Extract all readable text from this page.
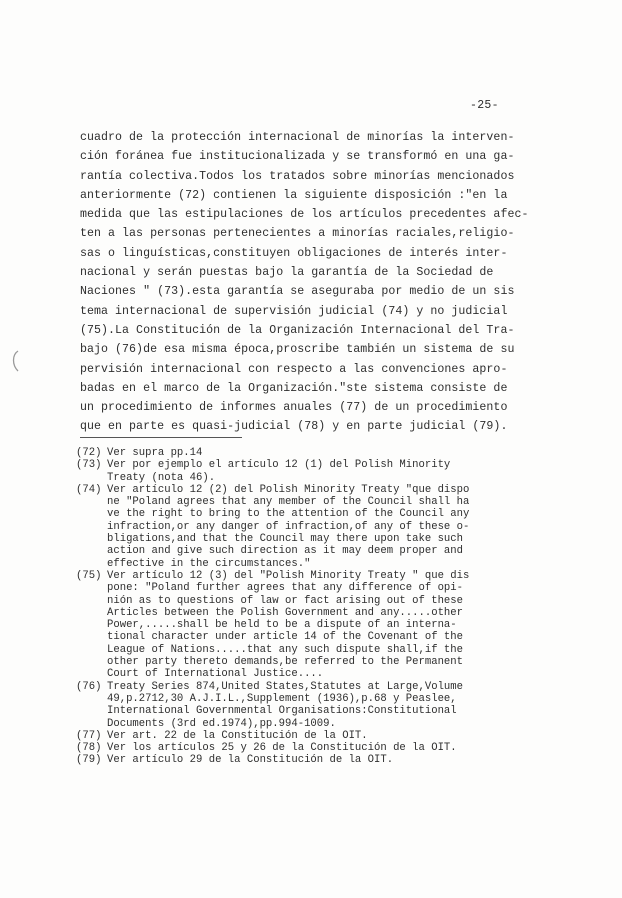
-25-
cuadro de la protección internacional de minorías la interven-
ción foránea fue institucionalizada y se transformó en una ga-
rantía colectiva.Todos los tratados sobre minorías mencionados
anteriormente (72) contienen la siguiente disposición :"en la
medida que las estipulaciones de los artículos precedentes afec-
ten a las personas pertenecientes a minorías raciales,religio-
sas o linguísticas,constituyen obligaciones de interés inter-
nacional y serán puestas bajo la garantía de la Sociedad de
Naciones " (73).esta garantía se aseguraba por medio de un sis
tema internacional de supervisión judicial (74) y no judicial
(75).La Constitución de la Organización Internacional del Tra-
bajo (76)de esa misma época,proscribe también un sistema de su
pervisión internacional con respecto a las convenciones apro-
badas en el marco de la Organización."ste sistema consiste de
un procedimiento de informes anuales (77) de un procedimiento
que en parte es quasi-judicial (78) y en parte judicial (79).
(72) Ver supra pp.14
(73) Ver por ejemplo el artículo 12 (1) del Polish Minority
Treaty (nota 46).
(74) Ver artículo 12 (2) del Polish Minority Treaty "que dispo
ne "Poland agrees that any member of the Council shall ha
ve the right to bring to the attention of the Council any
infraction,or any danger of infraction,of any of these o-
bligations,and that the Council may there upon take such
action and give such direction as it may deem proper and
effective in the circumstances."
(75) Ver artículo 12 (3) del "Polish Minority Treaty " que dis
pone: "Poland further agrees that any difference of opi-
nión as to questions of law or fact arising out of these
Articles between the Polish Government and any.....other
Power,.....shall be held to be a dispute of an interna-
tional character under article 14 of the Covenant of the
League of Nations.....that any such dispute shall,if the
other party thereto demands,be referred to the Permanent
Court of International Justice....
(76) Treaty Series 874,United States,Statutes at Large,Volume
49,p.2712,30 A.J.I.L.,Supplement (1936),p.68 y Peaslee,
International Governmental Organisations:Constitutional
Documents (3rd ed.1974),pp.994-1009.
(77) Ver art. 22 de la Constitución de la OIT.
(78) Ver los artículos 25 y 26 de la Constitución de la OIT.
(79) Ver artículo 29 de la Constitución de la OIT.
